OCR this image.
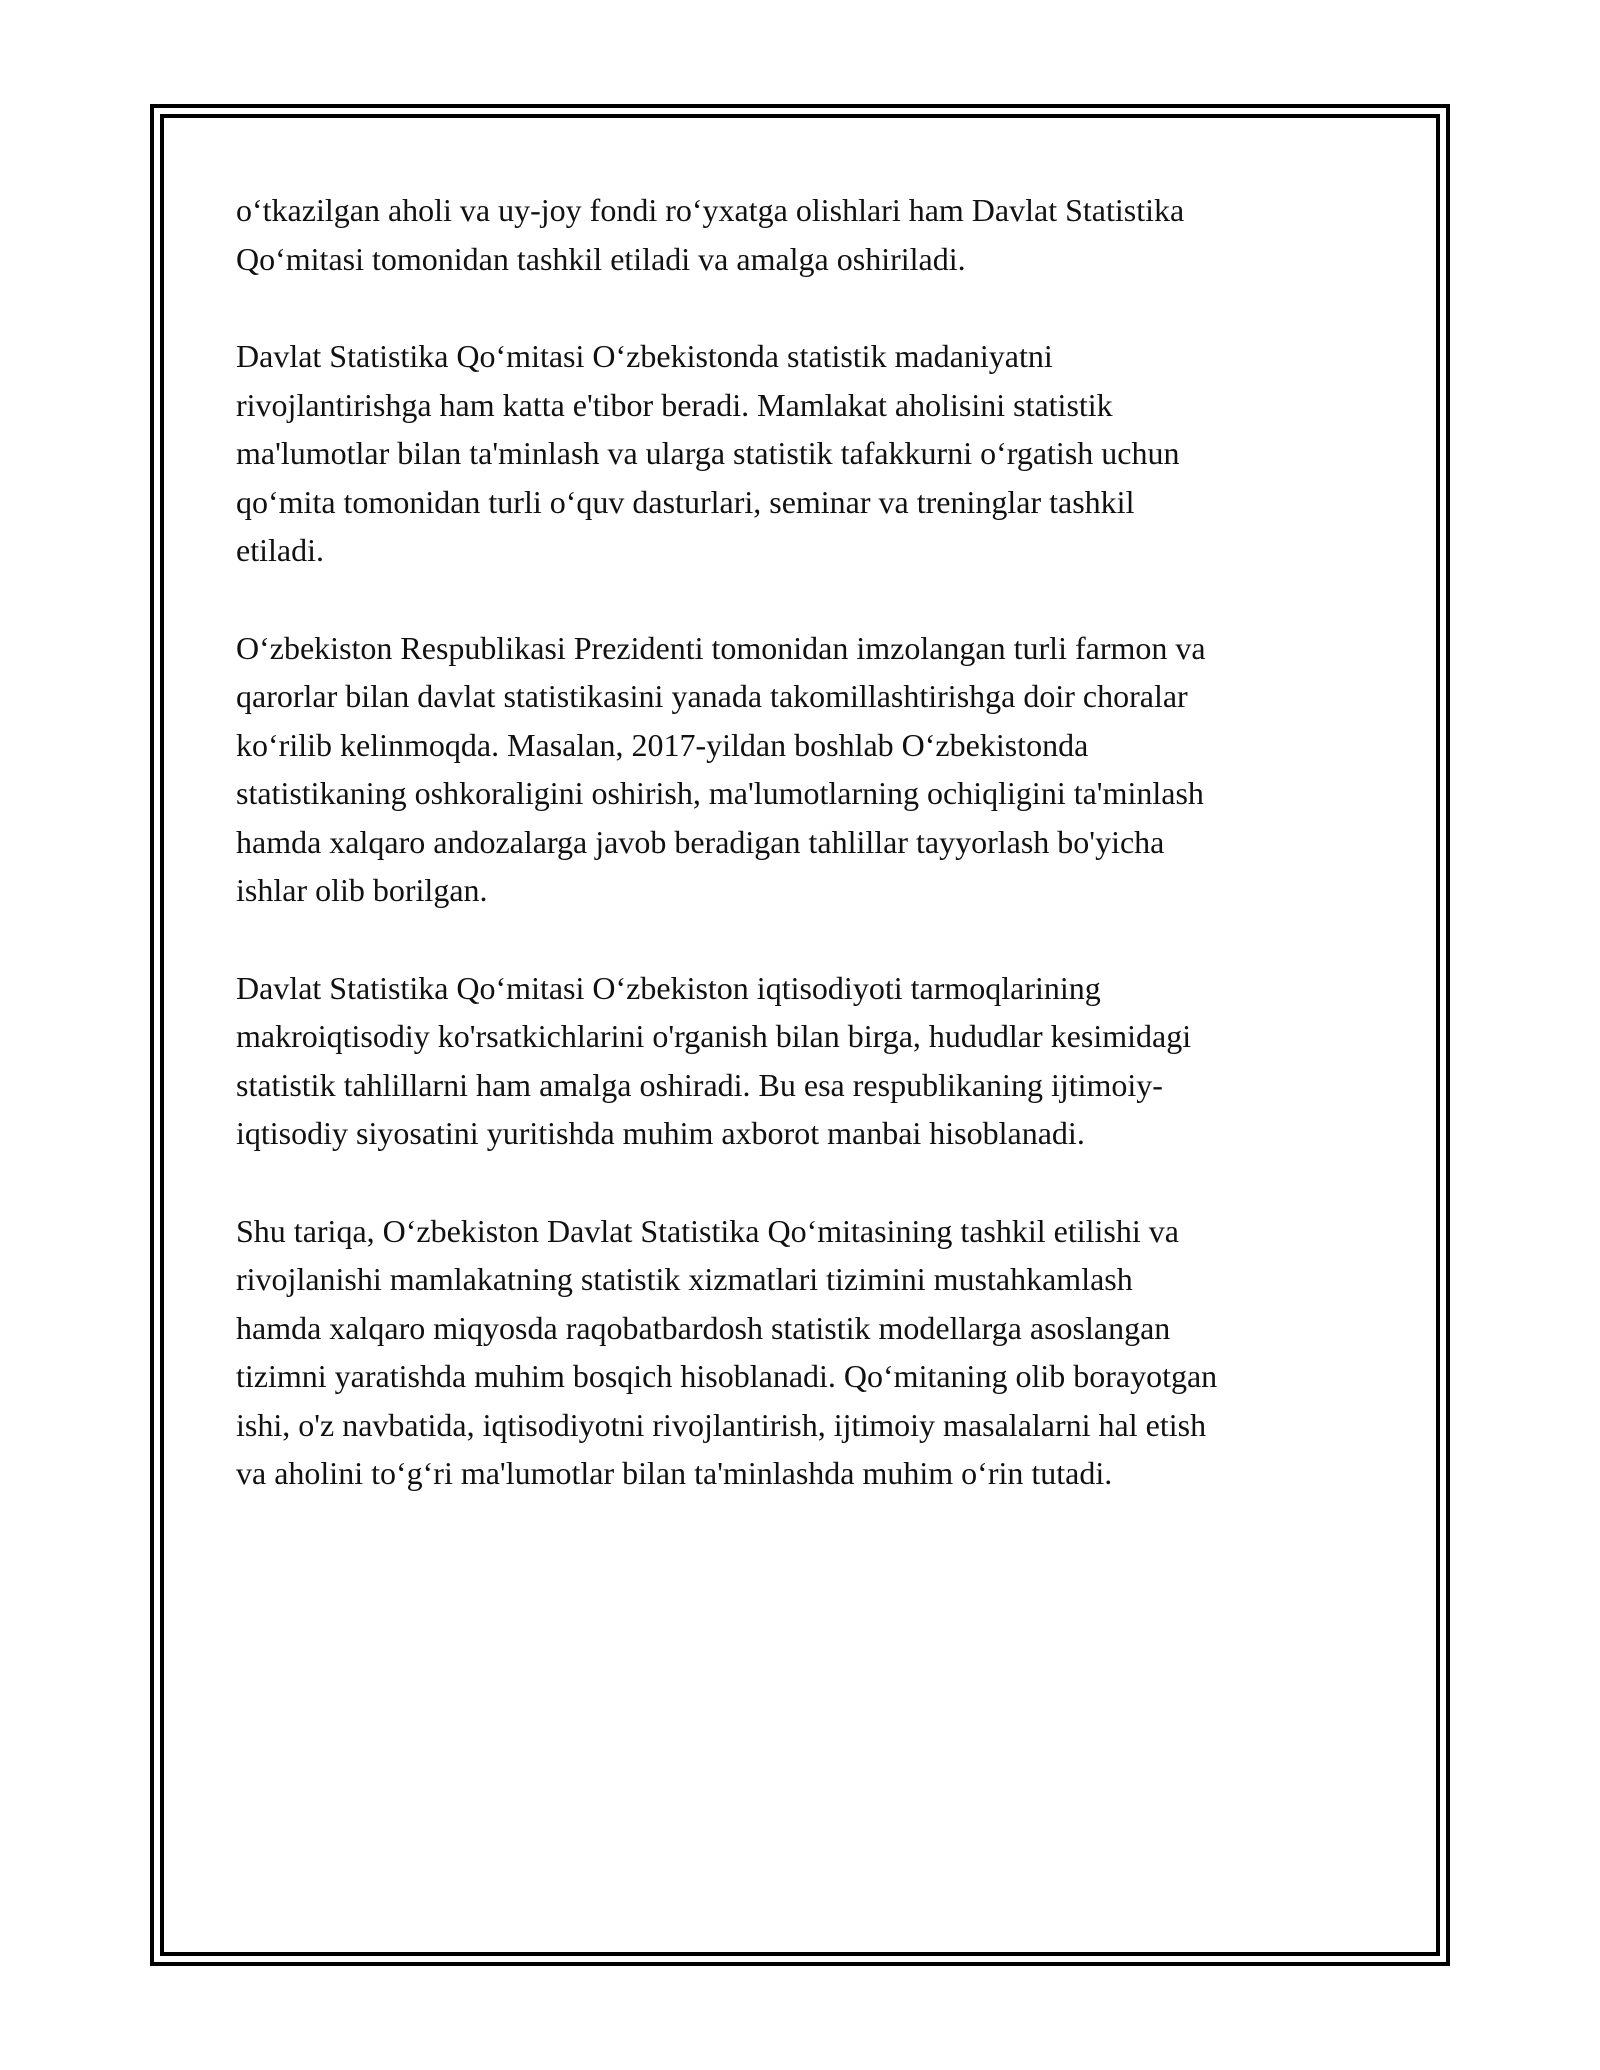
o‘tkazilgan aholi va uy-joy fondi ro‘yxatga olishlari ham Davlat Statistika
Qo‘mitasi tomonidan tashkil etiladi va amalga oshiriladi.

Davlat Statistika Qo‘mitasi O‘zbekistonda statistik madaniyatni
rivojlantirishga ham katta e'tibor beradi. Mamlakat aholisini statistik
ma'lumotlar bilan ta'minlash va ularga statistik tafakkurni o‘rgatish uchun
qo‘mita tomonidan turli o‘quv dasturlari, seminar va treninglar tashkil
etiladi.

O‘zbekiston Respublikasi Prezidenti tomonidan imzolangan turli farmon va
qarorlar bilan davlat statistikasini yanada takomillashtirishga doir choralar
ko‘rilib kelinmoqda. Masalan, 2017-yildan boshlab O‘zbekistonda
statistikaning oshkoraligini oshirish, ma'lumotlarning ochiqligini ta'minlash
hamda xalqaro andozalarga javob beradigan tahlillar tayyorlash bo'yicha
ishlar olib borilgan.

Davlat Statistika Qo‘mitasi O‘zbekiston iqtisodiyoti tarmoqlarining
makroiqtisodiy ko'rsatkichlarini o'rganish bilan birga, hududlar kesimidagi
statistik tahlillarni ham amalga oshiradi. Bu esa respublikaning ijtimoiy-
iqtisodiy siyosatini yuritishda muhim axborot manbai hisoblanadi.

Shu tariqa, O‘zbekiston Davlat Statistika Qo‘mitasining tashkil etilishi va
rivojlanishi mamlakatning statistik xizmatlari tizimini mustahkamlash
hamda xalqaro miqyosda raqobatbardosh statistik modellarga asoslangan
tizimni yaratishda muhim bosqich hisoblanadi. Qo‘mitaning olib borayotgan
ishi, o'z navbatida, iqtisodiyotni rivojlantirish, ijtimoiy masalalarni hal etish
va aholini to‘g‘ri ma'lumotlar bilan ta'minlashda muhim o‘rin tutadi.
